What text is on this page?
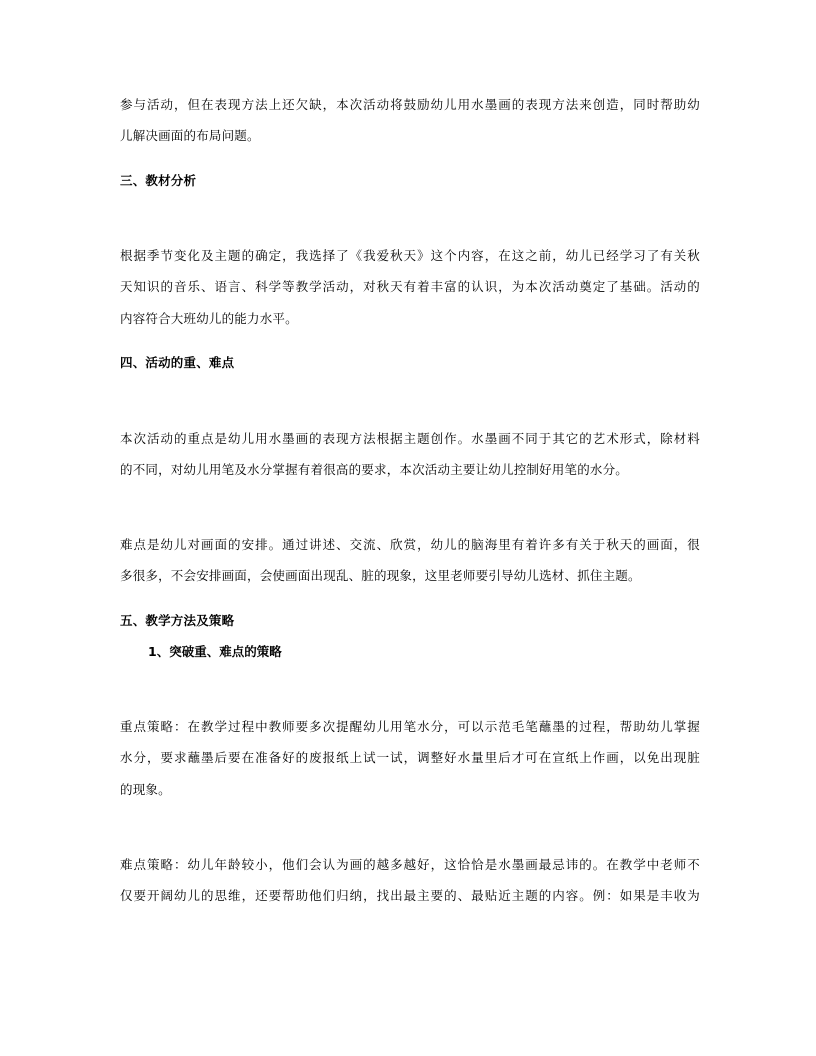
参与活动，但在表现方法上还欠缺，本次活动将鼓励幼儿用水墨画的表现方法来创造，同时帮助幼
儿解决画面的布局问题。
三、教材分析
根据季节变化及主题的确定，我选择了《我爱秋天》这个内容，在这之前，幼儿已经学习了有关秋
天知识的音乐、语言、科学等教学活动，对秋天有着丰富的认识，为本次活动奠定了基础。活动的
内容符合大班幼儿的能力水平。
四、活动的重、难点
本次活动的重点是幼儿用水墨画的表现方法根据主题创作。水墨画不同于其它的艺术形式，除材料
的不同，对幼儿用笔及水分掌握有着很高的要求，本次活动主要让幼儿控制好用笔的水分。
难点是幼儿对画面的安排。通过讲述、交流、欣赏，幼儿的脑海里有着许多有关于秋天的画面，很
多很多，不会安排画面，会使画面出现乱、脏的现象，这里老师要引导幼儿选材、抓住主题。
五、教学方法及策略
1、突破重、难点的策略
重点策略：在教学过程中教师要多次提醒幼儿用笔水分，可以示范毛笔蘸墨的过程，帮助幼儿掌握
水分，要求蘸墨后要在准备好的废报纸上试一试，调整好水量里后才可在宣纸上作画，以免出现脏
的现象。
难点策略：幼儿年龄较小，他们会认为画的越多越好，这恰恰是水墨画最忌讳的。在教学中老师不
仅要开阔幼儿的思维，还要帮助他们归纳，找出最主要的、最贴近主题的内容。例：如果是丰收为
